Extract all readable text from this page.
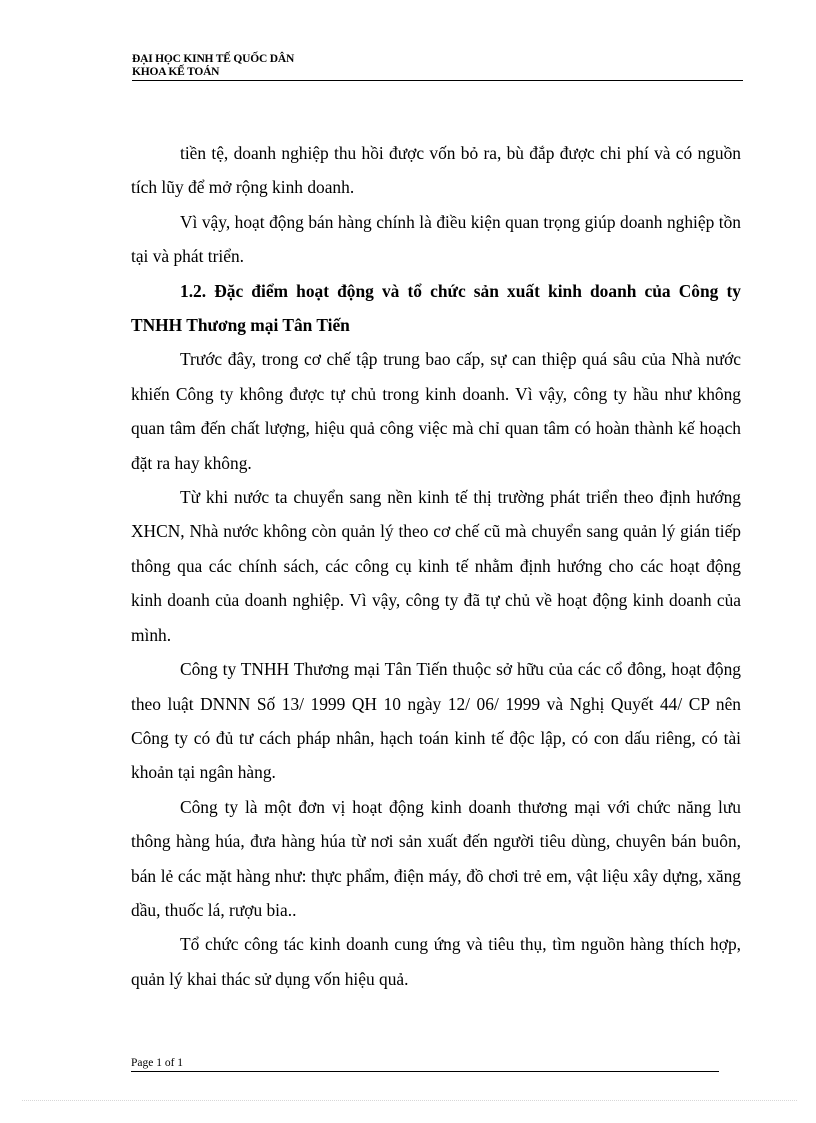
ĐẠI HỌC KINH TẾ QUỐC DÂN
KHOA KẾ TOÁN

tiền tệ, doanh nghiệp thu hồi được vốn bỏ ra, bù đắp được chi phí và có nguồn tích lũy để mở rộng kinh doanh.

Vì vậy, hoạt động bán hàng chính là điều kiện quan trọng giúp doanh nghiệp tồn tại và phát triển.

1.2. Đặc điểm hoạt động và tổ chức sản xuất kinh doanh của Công ty TNHH Thương mại Tân Tiến

Trước đây, trong cơ chế tập trung bao cấp, sự can thiệp quá sâu của Nhà nước khiến Công ty không được tự chủ trong kinh doanh. Vì vậy, công ty hầu như không quan tâm đến chất lượng, hiệu quả công việc mà chỉ quan tâm có hoàn thành kế hoạch đặt ra hay không.

Từ khi nước ta chuyển sang nền kinh tế thị trường phát triển theo định hướng XHCN, Nhà nước không còn quản lý theo cơ chế cũ mà chuyển sang quản lý gián tiếp thông qua các chính sách, các công cụ kinh tế nhằm định hướng cho các hoạt động kinh doanh của doanh nghiệp. Vì vậy, công ty đã tự chủ về hoạt động kinh doanh của mình.

Công ty TNHH Thương mại Tân Tiến thuộc sở hữu của các cổ đông, hoạt động theo luật DNNN Số 13/ 1999 QH 10 ngày 12/ 06/ 1999 và Nghị Quyết 44/ CP nên Công ty có đủ tư cách pháp nhân, hạch toán kinh tế độc lập, có con dấu riêng, có tài khoản tại ngân hàng.

Công ty là một đơn vị hoạt động kinh doanh thương mại với chức năng lưu thông hàng húa, đưa hàng húa từ nơi sản xuất đến người tiêu dùng, chuyên bán buôn, bán lẻ các mặt hàng như: thực phẩm, điện máy, đồ chơi trẻ em, vật liệu xây dựng, xăng dầu, thuốc lá, rượu bia..

Tổ chức công tác kinh doanh cung ứng và tiêu thụ, tìm nguồn hàng thích hợp, quản lý khai thác sử dụng vốn hiệu quả.

Page 1 of 1
